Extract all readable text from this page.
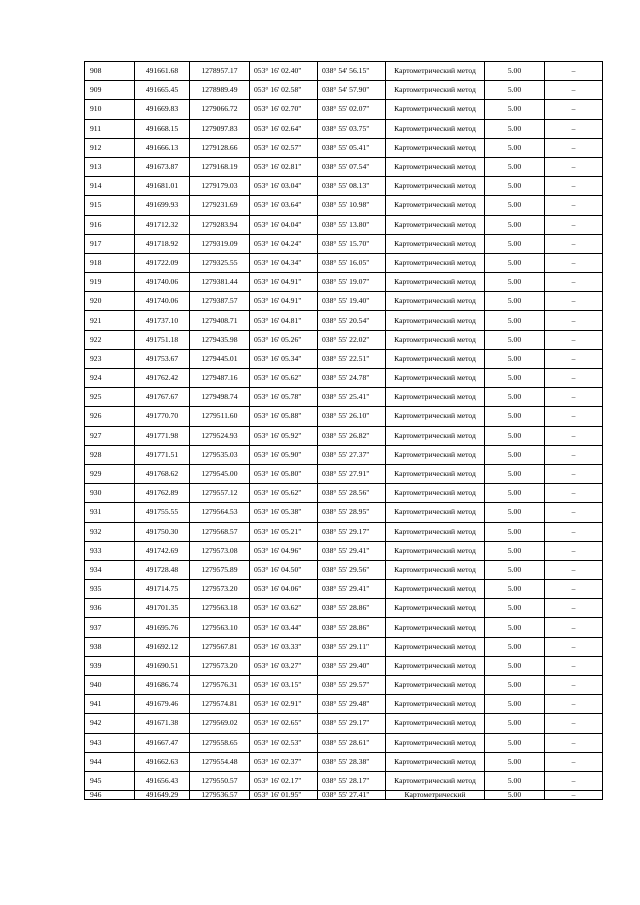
908	491661.68	1278957.17	053° 16' 02.40"	038° 54' 56.15"	Картометрический метод	5.00	–
909	491665.45	1278989.49	053° 16' 02.58"	038° 54' 57.90"	Картометрический метод	5.00	–
910	491669.83	1279066.72	053° 16' 02.70"	038° 55' 02.07"	Картометрический метод	5.00	–
911	491668.15	1279097.83	053° 16' 02.64"	038° 55' 03.75"	Картометрический метод	5.00	–
912	491666.13	1279128.66	053° 16' 02.57"	038° 55' 05.41"	Картометрический метод	5.00	–
913	491673.87	1279168.19	053° 16' 02.81"	038° 55' 07.54"	Картометрический метод	5.00	–
914	491681.01	1279179.03	053° 16' 03.04"	038° 55' 08.13"	Картометрический метод	5.00	–
915	491699.93	1279231.69	053° 16' 03.64"	038° 55' 10.98"	Картометрический метод	5.00	–
916	491712.32	1279283.94	053° 16' 04.04"	038° 55' 13.80"	Картометрический метод	5.00	–
917	491718.92	1279319.09	053° 16' 04.24"	038° 55' 15.70"	Картометрический метод	5.00	–
918	491722.09	1279325.55	053° 16' 04.34"	038° 55' 16.05"	Картометрический метод	5.00	–
919	491740.06	1279381.44	053° 16' 04.91"	038° 55' 19.07"	Картометрический метод	5.00	–
920	491740.06	1279387.57	053° 16' 04.91"	038° 55' 19.40"	Картометрический метод	5.00	–
921	491737.10	1279408.71	053° 16' 04.81"	038° 55' 20.54"	Картометрический метод	5.00	–
922	491751.18	1279435.98	053° 16' 05.26"	038° 55' 22.02"	Картометрический метод	5.00	–
923	491753.67	1279445.01	053° 16' 05.34"	038° 55' 22.51"	Картометрический метод	5.00	–
924	491762.42	1279487.16	053° 16' 05.62"	038° 55' 24.78"	Картометрический метод	5.00	–
925	491767.67	1279498.74	053° 16' 05.78"	038° 55' 25.41"	Картометрический метод	5.00	–
926	491770.70	1279511.60	053° 16' 05.88"	038° 55' 26.10"	Картометрический метод	5.00	–
927	491771.98	1279524.93	053° 16' 05.92"	038° 55' 26.82"	Картометрический метод	5.00	–
928	491771.51	1279535.03	053° 16' 05.90"	038° 55' 27.37"	Картометрический метод	5.00	–
929	491768.62	1279545.00	053° 16' 05.80"	038° 55' 27.91"	Картометрический метод	5.00	–
930	491762.89	1279557.12	053° 16' 05.62"	038° 55' 28.56"	Картометрический метод	5.00	–
931	491755.55	1279564.53	053° 16' 05.38"	038° 55' 28.95"	Картометрический метод	5.00	–
932	491750.30	1279568.57	053° 16' 05.21"	038° 55' 29.17"	Картометрический метод	5.00	–
933	491742.69	1279573.08	053° 16' 04.96"	038° 55' 29.41"	Картометрический метод	5.00	–
934	491728.48	1279575.89	053° 16' 04.50"	038° 55' 29.56"	Картометрический метод	5.00	–
935	491714.75	1279573.20	053° 16' 04.06"	038° 55' 29.41"	Картометрический метод	5.00	–
936	491701.35	1279563.18	053° 16' 03.62"	038° 55' 28.86"	Картометрический метод	5.00	–
937	491695.76	1279563.10	053° 16' 03.44"	038° 55' 28.86"	Картометрический метод	5.00	–
938	491692.12	1279567.81	053° 16' 03.33"	038° 55' 29.11"	Картометрический метод	5.00	–
939	491690.51	1279573.20	053° 16' 03.27"	038° 55' 29.40"	Картометрический метод	5.00	–
940	491686.74	1279576.31	053° 16' 03.15"	038° 55' 29.57"	Картометрический метод	5.00	–
941	491679.46	1279574.81	053° 16' 02.91"	038° 55' 29.48"	Картометрический метод	5.00	–
942	491671.38	1279569.02	053° 16' 02.65"	038° 55' 29.17"	Картометрический метод	5.00	–
943	491667.47	1279558.65	053° 16' 02.53"	038° 55' 28.61"	Картометрический метод	5.00	–
944	491662.63	1279554.48	053° 16' 02.37"	038° 55' 28.38"	Картометрический метод	5.00	–
945	491656.43	1279550.57	053° 16' 02.17"	038° 55' 28.17"	Картометрический метод	5.00	–
946	491649.29	1279536.57	053° 16' 01.95"	038° 55' 27.41"	Картометрический	5.00	–
